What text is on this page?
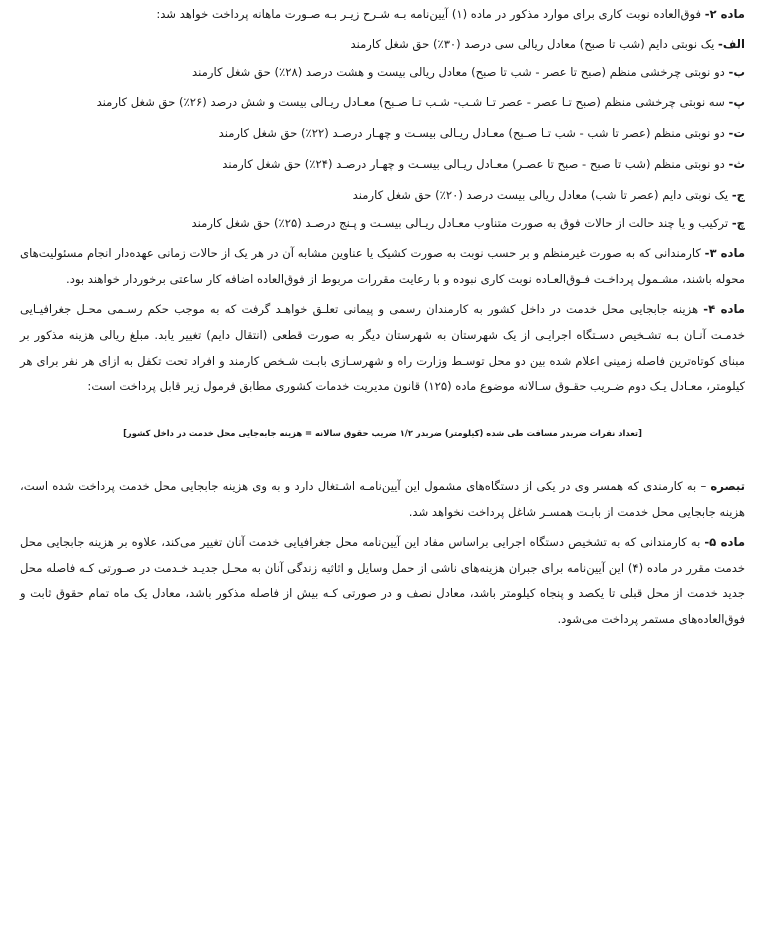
ماده ۲- فوق‌العاده نوبت کاری برای موارد مذکور در ماده (۱) آیین‌نامه بـه شـرح زیـر بـه صـورت ماهانه پرداخت خواهد شد:

الف- یک نوبتی دایم (شب تا صبح) معادل ریالی سی درصد (۳۰٪) حق شغل کارمند

ب- دو نوبتی چرخشی منظم (صبح تا عصر - شب تا صبح) معادل ریالی بیست و هشت درصد (۲۸٪) حق شغل کارمند

پ- سه نوبتی چرخشی منظم (صبح تـا عصر - عصر تـا شـب- شـب تـا صـبح) معـادل ریـالی بیست و شش درصد (۲۶٪) حق شغل کارمند

ت- دو نوبتی منظم (عصر تا شب - شب تـا صـبح) معـادل ریـالی بیسـت و چهـار درصـد (۲۲٪) حق شغل کارمند

ث- دو نوبتی منظم (شب تا صبح - صبح تا عصـر) معـادل ریـالی بیسـت و چهـار درصـد (۲۴٪) حق شغل کارمند

ج- یک نوبتی دایم (عصر تا شب) معادل ریالی بیست درصد (۲۰٪) حق شغل کارمند

چ- ترکیب و یا چند حالت از حالات فوق به صورت متناوب معـادل ریـالی بیسـت و پـنج درصـد (۲۵٪) حق شغل کارمند

ماده ۳- کارمندانی که به صورت غیرمنظم و بر حسب نوبت به صورت کشیک یا عناوین مشابه آن در هر یک از حالات زمانی عهده‌دار انجام مسئولیت‌های محوله باشند، مشـمول پرداخـت فـوق‌العـاده نوبت کاری نبوده و با رعایت مقررات مربوط از فوق‌العاده اضافه کار ساعتی برخوردار خواهند بود.

ماده ۴- هزینه جابجایی محل خدمت در داخل کشور به کارمندان رسمی و پیمانی تعلـق خواهـد گرفت که به موجب حکم رسـمی محـل جغرافیـایی خدمـت آنـان بـه تشـخیص دسـتگاه اجرایـی از یک شهرستان به شهرستان دیگر به صورت قطعی (انتقال دایم) تغییر یابد. مبلغ ریالی هزینه مذکور بر مبنای کوتاه‌ترین فاصله زمینی اعلام شده بین دو محل توسـط وزارت راه و شهرسـازی بابـت شـخص کارمند و افراد تحت تکفل به ازای هر نفر برای هر کیلومتر، معـادل یـک دوم ضـریب حقـوق سـالانه موضوع ماده (۱۲۵) قانون مدیریت خدمات کشوری مطابق فرمول زیر قابل پرداخت است:

[تعداد نفرات ضربدر مسافت طی شده (کیلومتر) ضربدر ۱/۲ ضریب حقوق سالانه = هزینه جابه‌جایی محل خدمت در داخل کشور]

تبصره – به کارمندی که همسر وی در یکی از دستگاه‌های مشمول این آیین‌نامـه اشـتغال دارد و به وی هزینه جابجایی محل خدمت پرداخت شده است، هزینه جابجایی محل خدمت از بابـت همسـر شاغل پرداخت نخواهد شد.

ماده ۵- به کارمندانی که به تشخیص دستگاه اجرایی براساس مفاد این آیین‌نامه محل جغرافیایی خدمت آنان تغییر می‌کند، علاوه بر هزینه جابجایی محل خدمت مقرر در ماده (۴) این آیین‌نامه برای جبران هزینه‌های ناشی از حمل وسایل و اثاثیه زندگی آنان به محـل جدیـد خـدمت در صـورتی کـه فاصله محل جدید خدمت از محل قبلی تا یکصد و پنجاه کیلومتر باشد، معادل نصف و در صورتی کـه بیش از فاصله مذکور باشد، معادل یک ماه تمام حقوق ثابت و فوق‌العاده‌های مستمر پرداخت می‌شود.
